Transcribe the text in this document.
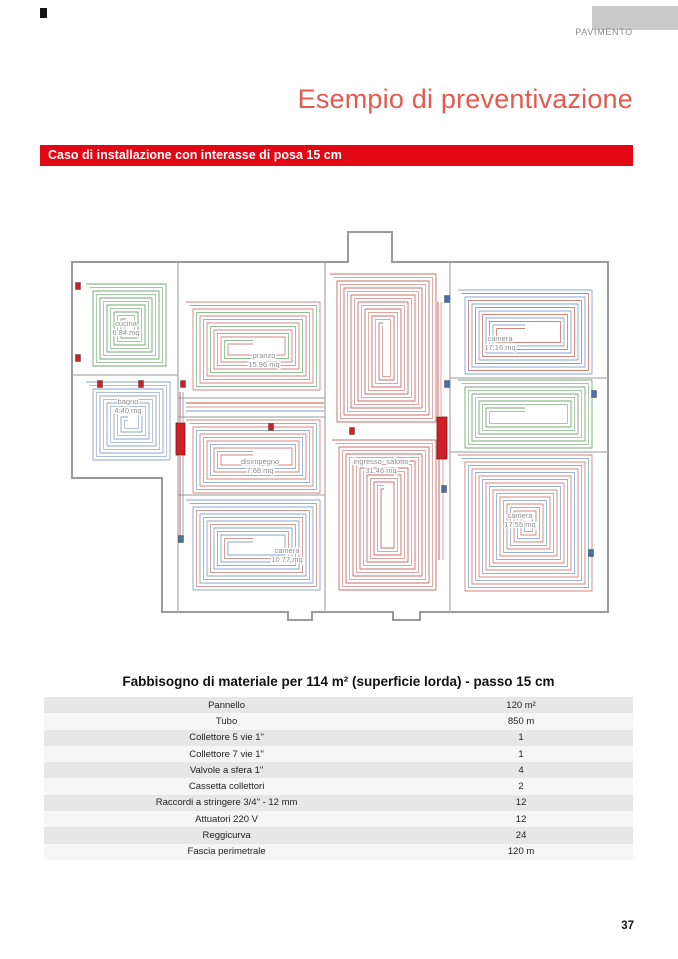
PAVIMENTO
Esempio di preventivazione
Caso di installazione con interasse di posa 15 cm
cucina 6.84 mq
pranzo 15.96 mq
camera 17.16 mq
bagno 4.40 mq
disimpegno 7.68 mq
ingresso- salotto 31.46 mq
camera 17.55 mq
camera 10.77 mq
Fabbisogno di materiale per 114 m² (superficie lorda) - passo 15 cm
Pannello	120 m²
Tubo	850 m
Collettore 5 vie 1"	1
Collettore 7 vie 1"	1
Valvole a sfera 1"	4
Cassetta collettori	2
Raccordi a stringere 3/4" - 12 mm	12
Attuatori 220 V	12
Reggicurva	24
Fascia perimetrale	120 m
37
